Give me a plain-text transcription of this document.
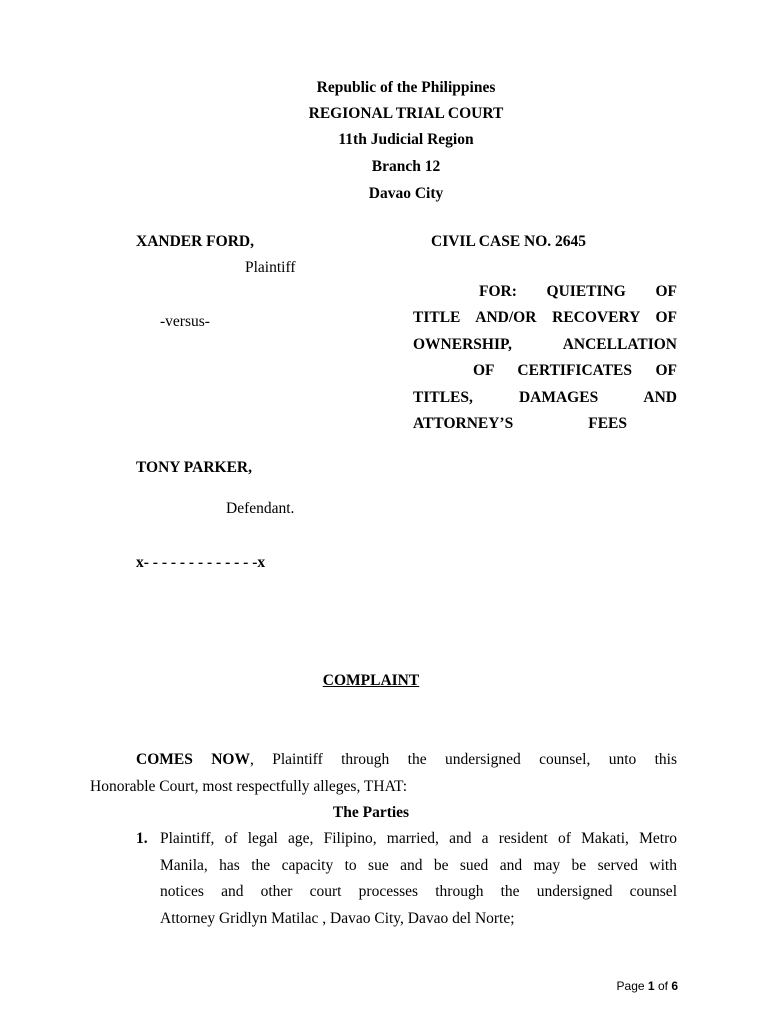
Republic of the Philippines
REGIONAL TRIAL COURT
11th Judicial Region
Branch 12
Davao City
XANDER FORD,
Plaintiff
-versus-
TONY PARKER,
Defendant.
x- - - - - - - - - - - - -x
CIVIL CASE NO. 2645
FOR: QUIETING OF
TITLE AND/OR RECOVERY OF
OWNERSHIP, ANCELLATION
OF CERTIFICATES OF
TITLES, DAMAGES AND
ATTORNEY’S FEES
COMPLAINT
COMES NOW, Plaintiff through the undersigned counsel, unto this
Honorable Court, most respectfully alleges, THAT:
The Parties
1. Plaintiff, of legal age, Filipino, married, and a resident of Makati, Metro
Manila, has the capacity to sue and be sued and may be served with
notices and other court processes through the undersigned counsel
Attorney Gridlyn Matilac , Davao City, Davao del Norte;
Page 1 of 6
